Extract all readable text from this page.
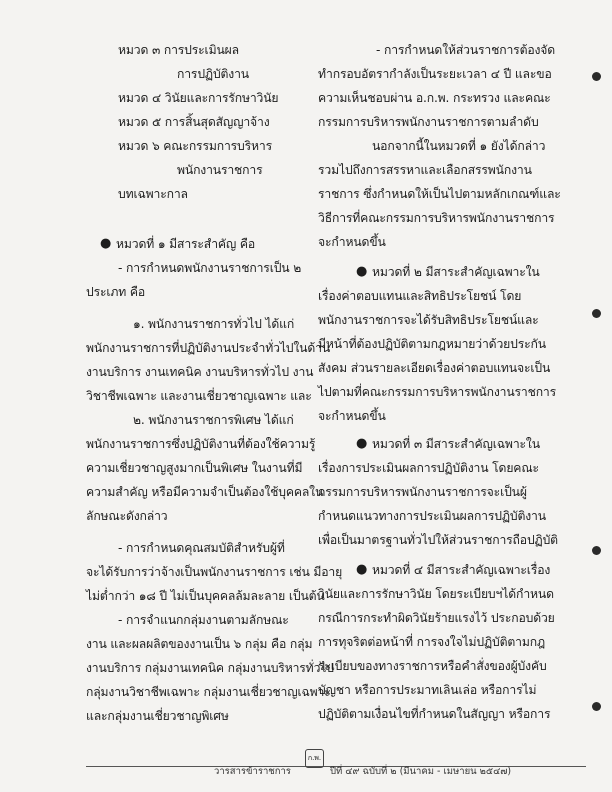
หมวด ๓ การประเมินผล
การปฏิบัติงาน
หมวด ๔ วินัยและการรักษาวินัย
หมวด ๕ การสิ้นสุดสัญญาจ้าง
หมวด ๖ คณะกรรมการบริหาร
พนักงานราชการ
บทเฉพาะกาล
● หมวดที่ ๑ มีสาระสำคัญ คือ
- การกำหนดพนักงานราชการเป็น ๒
ประเภท คือ
๑. พนักงานราชการทั่วไป ได้แก่
พนักงานราชการที่ปฏิบัติงานประจำทั่วไปในด้าน
งานบริการ งานเทคนิค งานบริหารทั่วไป งาน
วิชาชีพเฉพาะ และงานเชี่ยวชาญเฉพาะ และ
๒. พนักงานราชการพิเศษ ได้แก่
พนักงานราชการซึ่งปฏิบัติงานที่ต้องใช้ความรู้
ความเชี่ยวชาญสูงมากเป็นพิเศษ ในงานที่มี
ความสำคัญ หรือมีความจำเป็นต้องใช้บุคคลใน
ลักษณะดังกล่าว
- การกำหนดคุณสมบัติสำหรับผู้ที่
จะได้รับการว่าจ้างเป็นพนักงานราชการ เช่น มีอายุ
ไม่ต่ำกว่า ๑๘ ปี ไม่เป็นบุคคลล้มละลาย เป็นต้น
- การจำแนกกลุ่มงานตามลักษณะ
งาน และผลผลิตของงานเป็น ๖ กลุ่ม คือ กลุ่ม
งานบริการ กลุ่มงานเทคนิค กลุ่มงานบริหารทั่วไป
กลุ่มงานวิชาชีพเฉพาะ กลุ่มงานเชี่ยวชาญเฉพาะ
และกลุ่มงานเชี่ยวชาญพิเศษ
- การกำหนดให้ส่วนราชการต้องจัด
ทำกรอบอัตรากำลังเป็นระยะเวลา ๔ ปี และขอ
ความเห็นชอบผ่าน อ.ก.พ. กระทรวง และคณะ
กรรมการบริหารพนักงานราชการตามลำดับ
นอกจากนี้ในหมวดที่ ๑ ยังได้กล่าว
รวมไปถึงการสรรหาและเลือกสรรพนักงาน
ราชการ ซึ่งกำหนดให้เป็นไปตามหลักเกณฑ์และ
วิธีการที่คณะกรรมการบริหารพนักงานราชการ
จะกำหนดขึ้น
● หมวดที่ ๒ มีสาระสำคัญเฉพาะใน
เรื่องค่าตอบแทนและสิทธิประโยชน์ โดย
พนักงานราชการจะได้รับสิทธิประโยชน์และ
มีหน้าที่ต้องปฏิบัติตามกฎหมายว่าด้วยประกัน
สังคม ส่วนรายละเอียดเรื่องค่าตอบแทนจะเป็น
ไปตามที่คณะกรรมการบริหารพนักงานราชการ
จะกำหนดขึ้น
● หมวดที่ ๓ มีสาระสำคัญเฉพาะใน
เรื่องการประเมินผลการปฏิบัติงาน โดยคณะ
กรรมการบริหารพนักงานราชการจะเป็นผู้
กำหนดแนวทางการประเมินผลการปฏิบัติงาน
เพื่อเป็นมาตรฐานทั่วไปให้ส่วนราชการถือปฏิบัติ
● หมวดที่ ๔ มีสาระสำคัญเฉพาะเรื่อง
วินัยและการรักษาวินัย โดยระเบียบฯได้กำหนด
กรณีการกระทำผิดวินัยร้ายแรงไว้ ประกอบด้วย
การทุจริตต่อหน้าที่ การจงใจไม่ปฏิบัติตามกฎ
ระเบียบของทางราชการหรือคำสั่งของผู้บังคับ
บัญชา หรือการประมาทเลินเล่อ หรือการไม่
ปฏิบัติตามเงื่อนไขที่กำหนดในสัญญา หรือการ
วารสารข้าราชการ
ก.พ.
ปีที่ ๔๙ ฉบับที่ ๒ (มีนาคม - เมษายน ๒๕๔๗)
